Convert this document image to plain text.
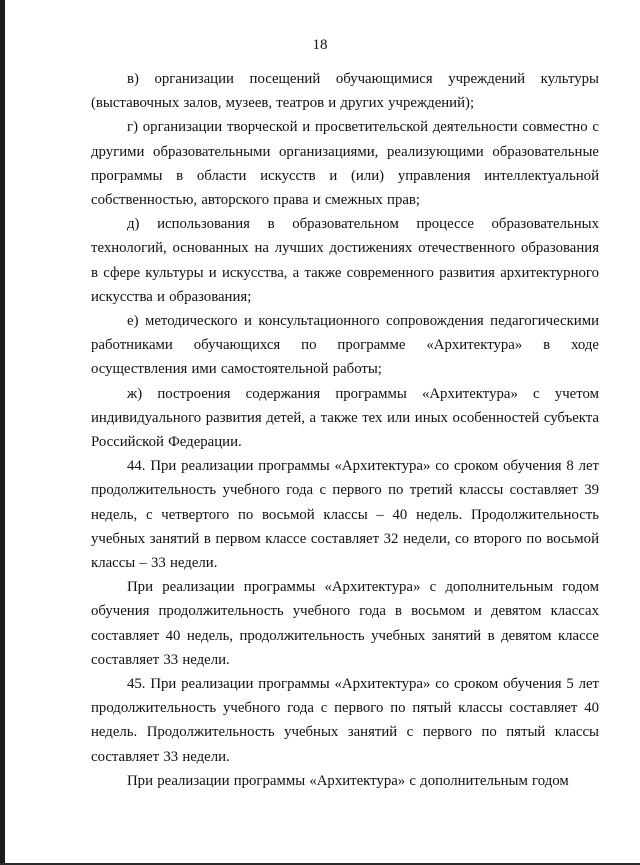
18

в) организации посещений обучающимися учреждений культуры (выставочных залов, музеев, театров и других учреждений);

г) организации творческой и просветительской деятельности совместно с другими образовательными организациями, реализующими образовательные программы в области искусств и (или) управления интеллектуальной собственностью, авторского права и смежных прав;

д) использования в образовательном процессе образовательных технологий, основанных на лучших достижениях отечественного образования в сфере культуры и искусства, а также современного развития архитектурного искусства и образования;

е) методического и консультационного сопровождения педагогическими работниками обучающихся по программе «Архитектура» в ходе осуществления ими самостоятельной работы;

ж) построения содержания программы «Архитектура» с учетом индивидуального развития детей, а также тех или иных особенностей субъекта Российской Федерации.

44. При реализации программы «Архитектура» со сроком обучения 8 лет продолжительность учебного года с первого по третий классы составляет 39 недель, с четвертого по восьмой классы – 40 недель. Продолжительность учебных занятий в первом классе составляет 32 недели, со второго по восьмой классы – 33 недели.

При реализации программы «Архитектура» с дополнительным годом обучения продолжительность учебного года в восьмом и девятом классах составляет 40 недель, продолжительность учебных занятий в девятом классе составляет 33 недели.

45. При реализации программы «Архитектура» со сроком обучения 5 лет продолжительность учебного года с первого по пятый классы составляет 40 недель. Продолжительность учебных занятий с первого по пятый классы составляет 33 недели.

При реализации программы «Архитектура» с дополнительным годом
